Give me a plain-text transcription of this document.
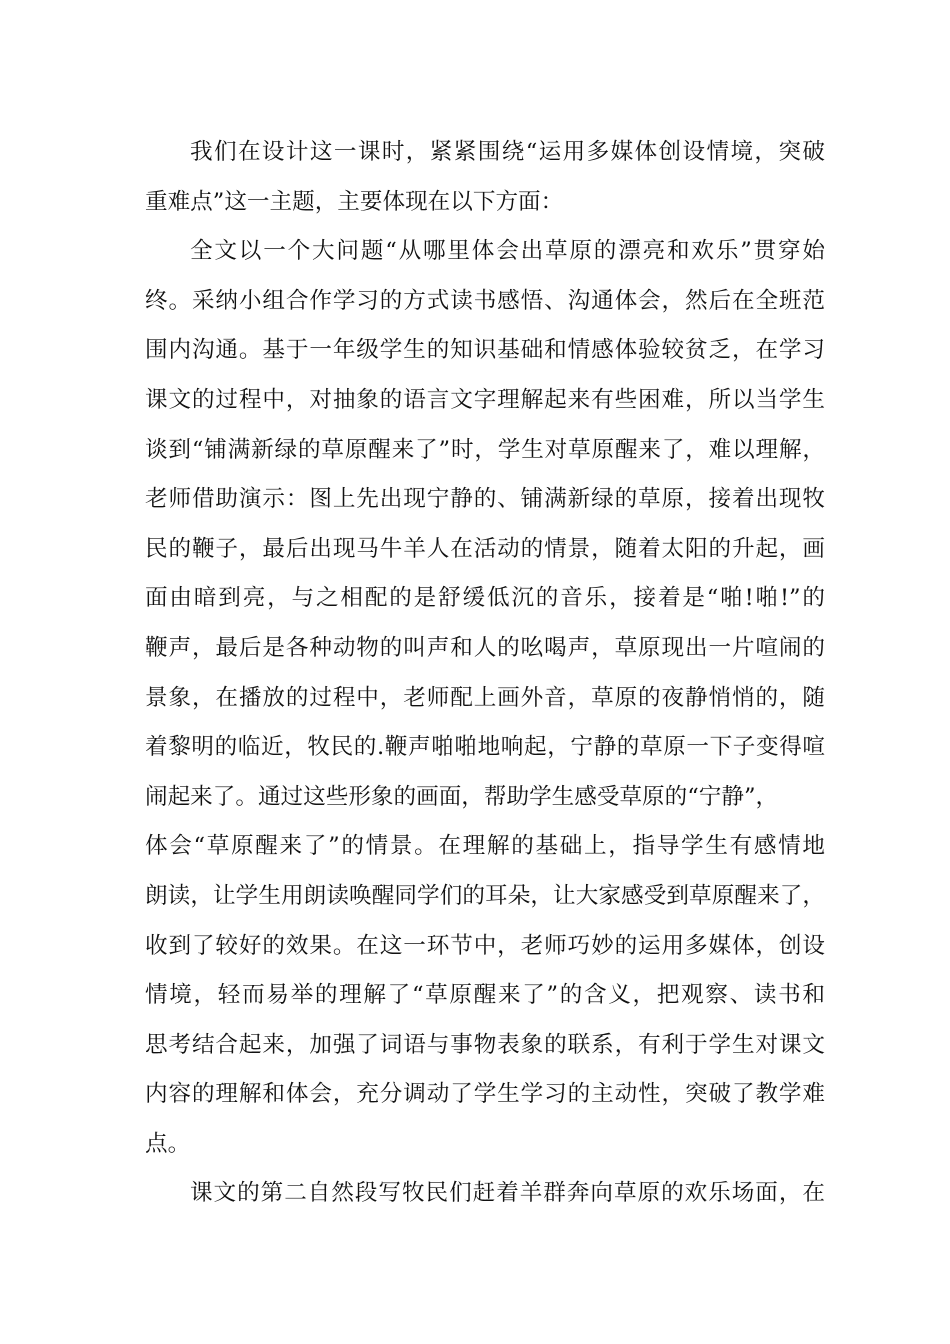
我们在设计这一课时，紧紧围绕“运用多媒体创设情境，突破
重难点”这一主题，主要体现在以下方面：
全文以一个大问题“从哪里体会出草原的漂亮和欢乐”贯穿始
终。采纳小组合作学习的方式读书感悟、沟通体会，然后在全班范
围内沟通。基于一年级学生的知识基础和情感体验较贫乏，在学习
课文的过程中，对抽象的语言文字理解起来有些困难，所以当学生
谈到“铺满新绿的草原醒来了”时，学生对草原醒来了，难以理解，
老师借助演示：图上先出现宁静的、铺满新绿的草原，接着出现牧
民的鞭子，最后出现马牛羊人在活动的情景，随着太阳的升起，画
面由暗到亮，与之相配的是舒缓低沉的音乐，接着是“啪!啪!”的
鞭声，最后是各种动物的叫声和人的吆喝声，草原现出一片喧闹的
景象，在播放的过程中，老师配上画外音，草原的夜静悄悄的，随
着黎明的临近，牧民的.鞭声啪啪地响起，宁静的草原一下子变得喧
闹起来了。通过这些形象的画面，帮助学生感受草原的“宁静”，
体会“草原醒来了”的情景。在理解的基础上，指导学生有感情地
朗读，让学生用朗读唤醒同学们的耳朵，让大家感受到草原醒来了，
收到了较好的效果。在这一环节中，老师巧妙的运用多媒体，创设
情境，轻而易举的理解了“草原醒来了”的含义，把观察、读书和
思考结合起来，加强了词语与事物表象的联系，有利于学生对课文
内容的理解和体会，充分调动了学生学习的主动性，突破了教学难
点。
课文的第二自然段写牧民们赶着羊群奔向草原的欢乐场面，在
